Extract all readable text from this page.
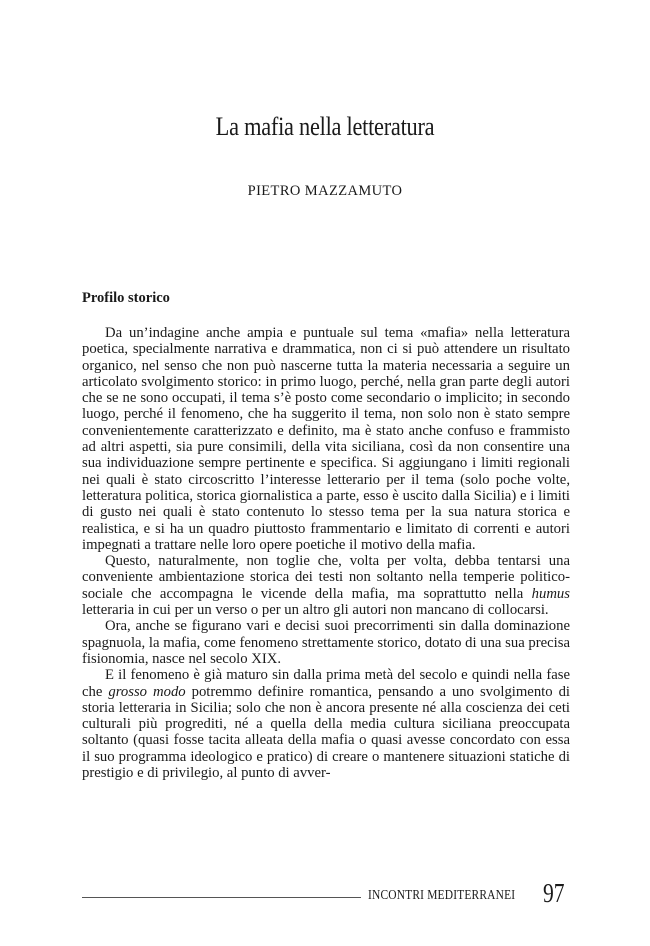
La mafia nella letteratura
PIETRO MAZZAMUTO
Profilo storico

Da un’indagine anche ampia e puntuale sul tema «mafia» nella letteratura poetica, specialmente narrativa e drammatica, non ci si può attendere un risultato organico, nel senso che non può nascerne tutta la materia necessaria a seguire un articolato svolgimento storico: in primo luogo, perché, nella gran parte degli autori che se ne sono occupati, il tema s’è posto come secondario o implicito; in secondo luogo, perché il fenomeno, che ha suggerito il tema, non solo non è stato sempre convenientemente caratterizzato e definito, ma è stato anche confuso e frammisto ad altri aspetti, sia pure consimili, della vita siciliana, così da non consentire una sua individuazione sempre pertinente e specifica. Si aggiungano i limiti regionali nei quali è stato circoscritto l’interesse letterario per il tema (solo poche volte, letteratura politica, storica giornalistica a parte, esso è uscito dalla Sicilia) e i limiti di gusto nei quali è stato contenuto lo stesso tema per la sua natura storica e realistica, e si ha un quadro piuttosto frammentario e limitato di correnti e autori impegnati a trattare nelle loro opere poetiche il motivo della mafia.

Questo, naturalmente, non toglie che, volta per volta, debba tentarsi una conveniente ambientazione storica dei testi non soltanto nella temperie politico-sociale che accompagna le vicende della mafia, ma soprattutto nella humus letteraria in cui per un verso o per un altro gli autori non mancano di collocarsi.

Ora, anche se figurano vari e decisi suoi precorrimenti sin dalla dominazione spagnuola, la mafia, come fenomeno strettamente storico, dotato di una sua precisa fisionomia, nasce nel secolo XIX.

E il fenomeno è già maturo sin dalla prima metà del secolo e quindi nella fase che grosso modo potremmo definire romantica, pensando a uno svolgimento di storia letteraria in Sicilia; solo che non è ancora presente né alla coscienza dei ceti culturali più progrediti, né a quella della media cultura siciliana preoccupata soltanto (quasi fosse tacita alleata della mafia o quasi avesse concordato con essa il suo programma ideologico e pratico) di creare o mantenere situazioni statiche di prestigio e di privilegio, al punto di avver-

INCONTRI MEDITERRANEI 97
